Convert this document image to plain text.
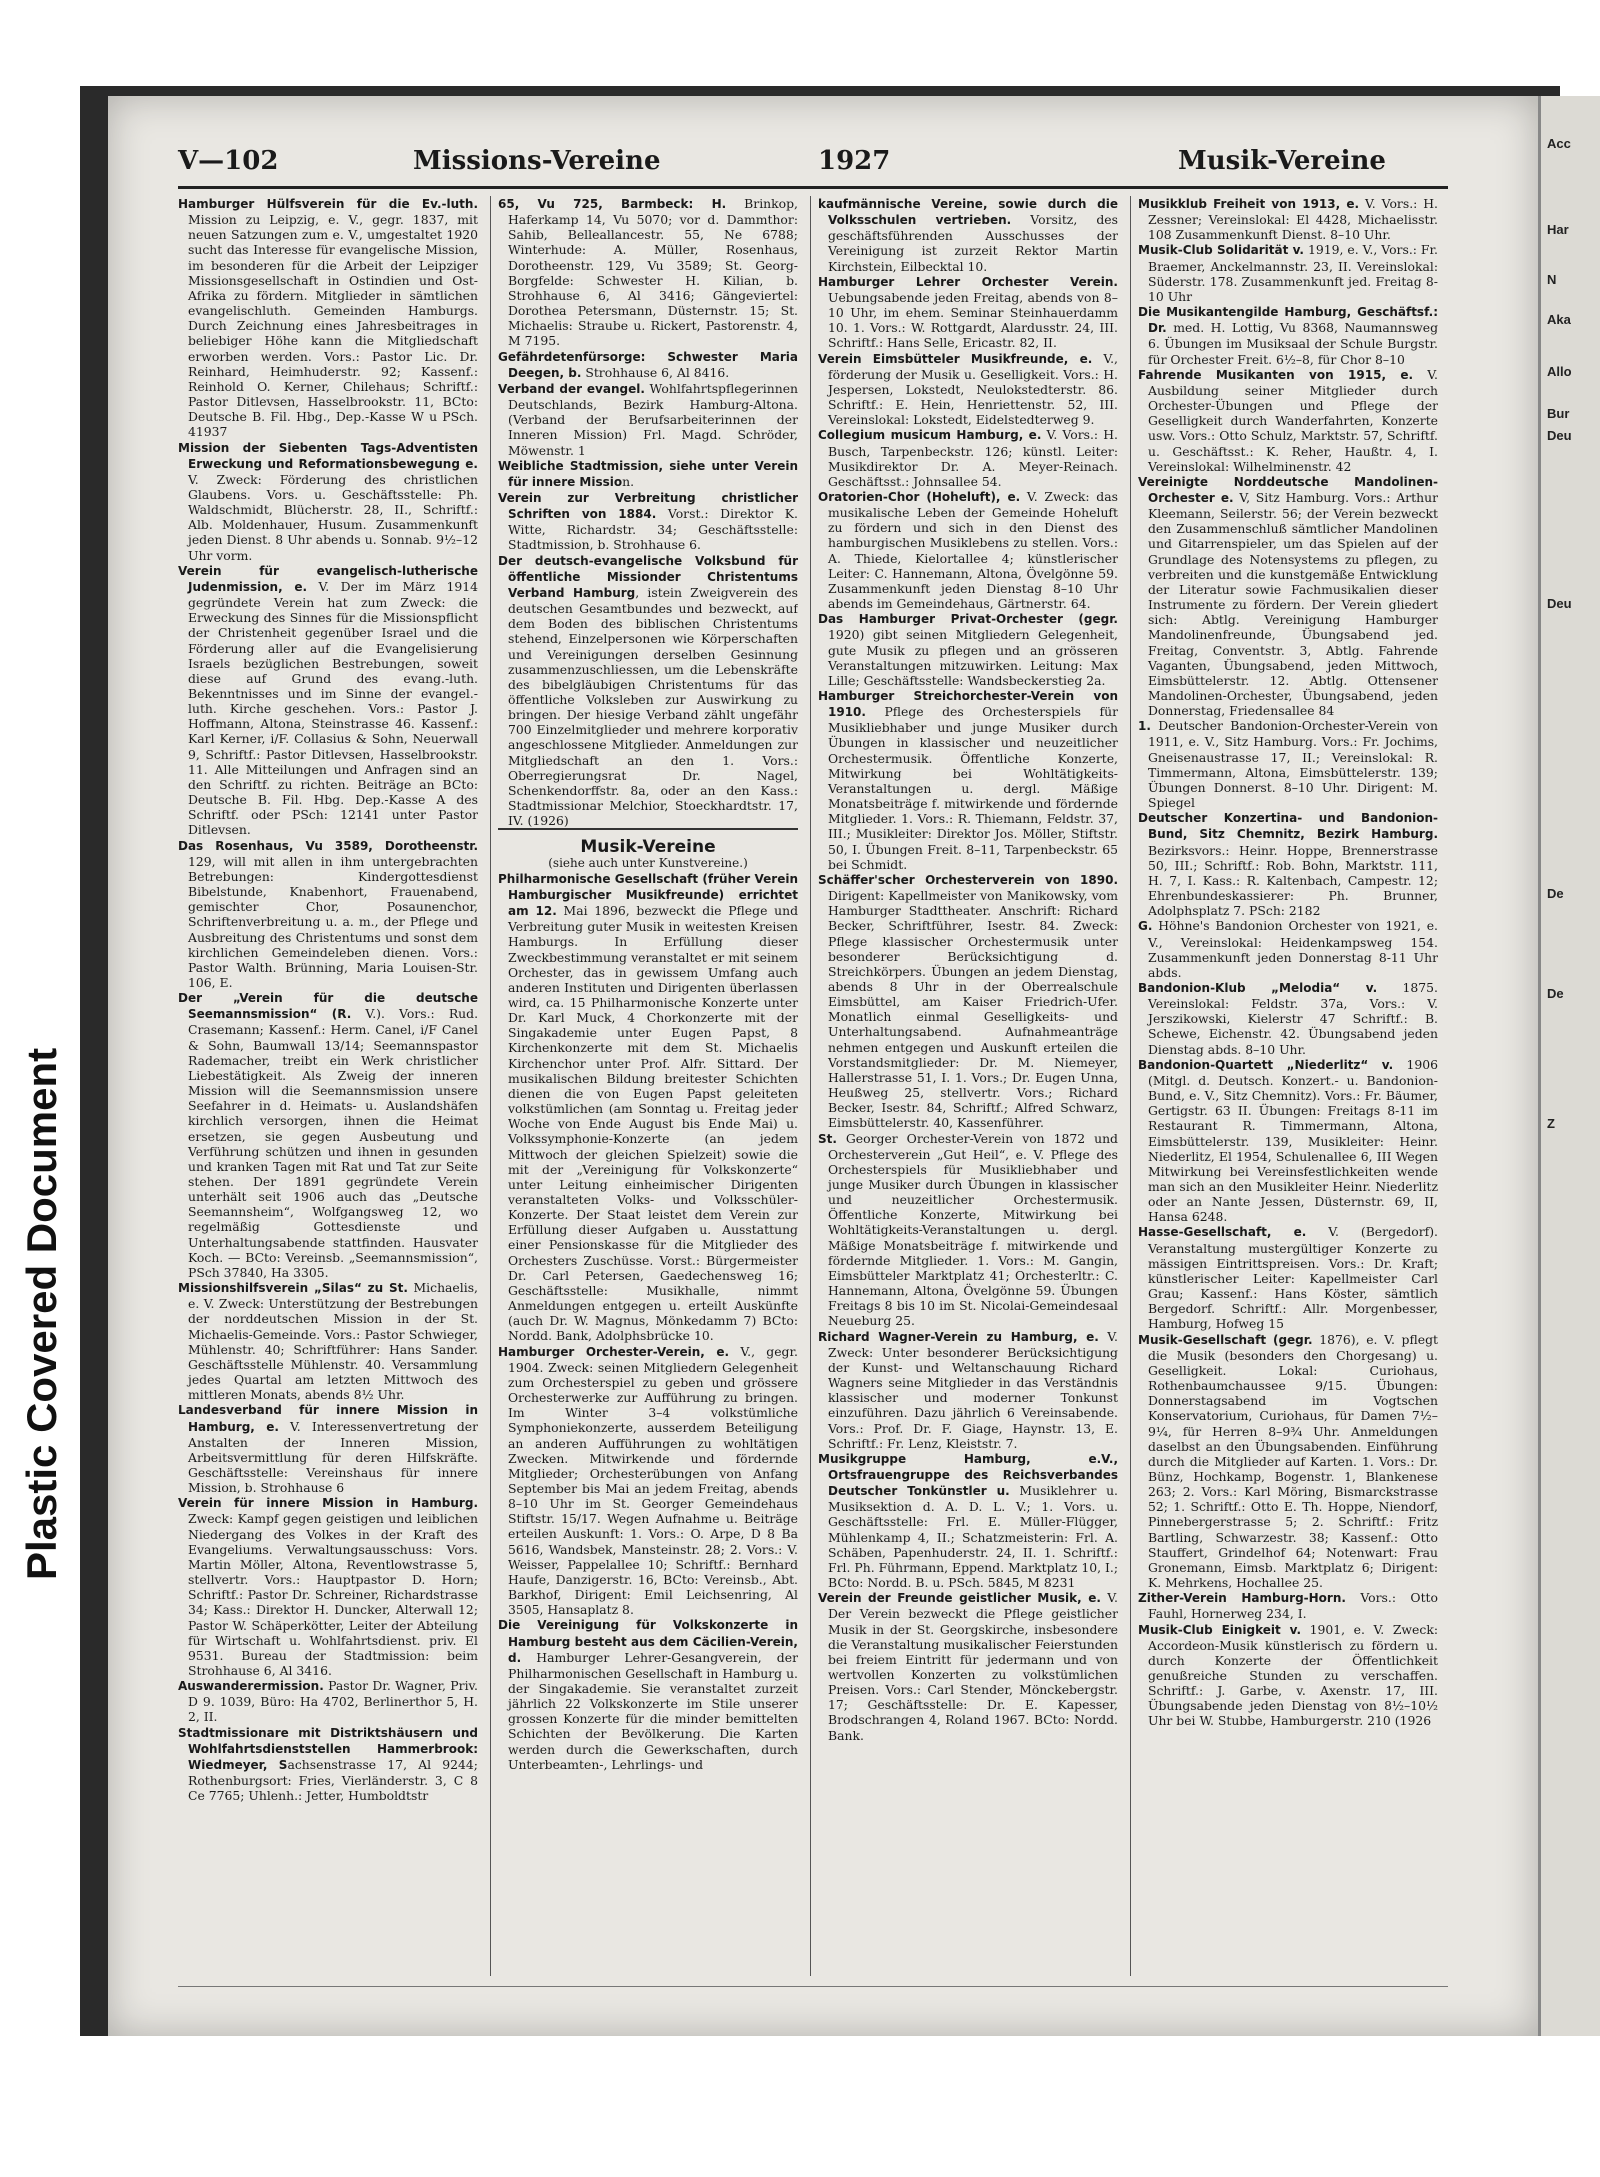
Plastic Covered Document
V—102	Missions-Vereine	1927	Musik-Vereine

Hamburger Hülfsverein für die Ev.-luth. Mission zu Leipzig, e. V., gegr. 1837, mit neuen Satzungen zum e. V., umgestaltet 1920 sucht das Interesse für evangelische Mission, im besonderen für die Arbeit der Leipziger Missionsgesellschaft in Ostindien und Ost-Afrika zu fördern. Mitglieder in sämtlichen evangelischluth. Gemeinden Hamburgs. Durch Zeichnung eines Jahresbeitrages in beliebiger Höhe kann die Mitgliedschaft erworben werden. Vors.: Pastor Lic. Dr. Reinhard, Heimhuderstr. 92; Kassenf.: Reinhold O. Kerner, Chilehaus; Schriftf.: Pastor Ditlevsen, Hasselbrookstr. 11, BCto: Deutsche B. Fil. Hbg., Dep.-Kasse W u PSch. 41937

Mission der Siebenten Tags-Adventisten Erweckung und Reformationsbewegung e. V. Zweck: Förderung des christlichen Glaubens. Vors. u. Geschäftsstelle: Ph. Waldschmidt, Blücherstr. 28, II., Schriftf.: Alb. Moldenhauer, Husum. Zusammenkunft jeden Dienst. 8 Uhr abends u. Sonnab. 9½–12 Uhr vorm.

Verein für evangelisch-lutherische Judenmission, e. V. Der im März 1914 gegründete Verein hat zum Zweck: die Erweckung des Sinnes für die Missionspflicht der Christenheit gegenüber Israel und die Förderung aller auf die Evangelisierung Israels bezüglichen Bestrebungen, soweit diese auf Grund des evang.-luth. Bekenntnisses und im Sinne der evangel.-luth. Kirche geschehen. Vors.: Pastor J. Hoffmann, Altona, Steinstrasse 46. Kassenf.: Karl Kerner, i/F. Collasius & Sohn, Neuerwall 9, Schriftf.: Pastor Ditlevsen, Hasselbrookstr. 11. Alle Mitteilungen und Anfragen sind an den Schriftf. zu richten. Beiträge an BCto: Deutsche B. Fil. Hbg. Dep.-Kasse A des Schriftf. oder PSch: 12141 unter Pastor Ditlevsen.

Das Rosenhaus, Vu 3589, Dorotheenstr. 129, will mit allen in ihm untergebrachten Betrebungen: Kindergottesdienst Bibelstunde, Knabenhort, Frauenabend, gemischter Chor, Posaunenchor, Schriftenverbreitung u. a. m., der Pflege und Ausbreitung des Christentums und sonst dem kirchlichen Gemeindeleben dienen. Vors.: Pastor Walth. Brünning, Maria Louisen-Str. 106, E.

Der „Verein für die deutsche Seemannsmission“ (R. V.). Vors.: Rud. Crasemann; Kassenf.: Herm. Canel, i/F Canel & Sohn, Baumwall 13/14; Seemannspastor Rademacher, treibt ein Werk christlicher Liebestätigkeit. Als Zweig der inneren Mission will die Seemannsmission unsere Seefahrer in d. Heimats- u. Auslandshäfen kirchlich versorgen, ihnen die Heimat ersetzen, sie gegen Ausbeutung und Verführung schützen und ihnen in gesunden und kranken Tagen mit Rat und Tat zur Seite stehen. Der 1891 gegründete Verein unterhält seit 1906 auch das „Deutsche Seemannsheim“, Wolfgangsweg 12, wo regelmäßig Gottesdienste und Unterhaltungsabende stattfinden. Hausvater Koch. — BCto: Vereinsb. „Seemannsmission“, PSch 37840, Ha 3305.

Missionshilfsverein „Silas“ zu St. Michaelis, e. V. Zweck: Unterstützung der Bestrebungen der norddeutschen Mission in der St. Michaelis-Gemeinde. Vors.: Pastor Schwieger, Mühlenstr. 40; Schriftführer: Hans Sander. Geschäftsstelle Mühlenstr. 40. Versammlung jedes Quartal am letzten Mittwoch des mittleren Monats, abends 8½ Uhr.

Landesverband für innere Mission in Hamburg, e. V. Interessenvertretung der Anstalten der Inneren Mission, Arbeitsvermittlung für deren Hilfskräfte. Geschäftsstelle: Vereinshaus für innere Mission, b. Strohhause 6

Verein für innere Mission in Hamburg. Zweck: Kampf gegen geistigen und leiblichen Niedergang des Volkes in der Kraft des Evangeliums. Verwaltungsausschuss: Vors. Martin Möller, Altona, Reventlowstrasse 5, stellvertr. Vors.: Hauptpastor D. Horn; Schriftf.: Pastor Dr. Schreiner, Richardstrasse 34; Kass.: Direktor H. Duncker, Alterwall 12; Pastor W. Schäperkötter, Leiter der Abteilung für Wirtschaft u. Wohlfahrtsdienst. priv. El 9531. Bureau der Stadtmission: beim Strohhause 6, Al 3416.

Auswanderermission. Pastor Dr. Wagner, Priv. D 9. 1039, Büro: Ha 4702, Berlinerthor 5, H. 2, II.

Stadtmissionare mit Distriktshäusern und Wohlfahrtsdienststellen Hammerbrook: Wiedmeyer, Sachsenstrasse 17, Al 9244; Rothenburgsort: Fries, Vierländerstr. 3, C 8 Ce 7765; Uhlenh.: Jetter, Humboldtstr

65, Vu 725, Barmbeck: H. Brinkop, Haferkamp 14, Vu 5070; vor d. Dammthor: Sahib, Belleallancestr. 55, Ne 6788; Winterhude: A. Müller, Rosenhaus, Dorotheenstr. 129, Vu 3589; St. Georg-Borgfelde: Schwester H. Kilian, b. Strohhause 6, Al 3416; Gängeviertel: Dorothea Petersmann, Düsternstr. 15; St. Michaelis: Straube u. Rickert, Pastorenstr. 4, M 7195.

Gefährdetenfürsorge: Schwester Maria Deegen, b. Strohhause 6, Al 8416.

Verband der evangel. Wohlfahrtspflegerinnen Deutschlands, Bezirk Hamburg-Altona. (Verband der Berufsarbeiterinnen der Inneren Mission) Frl. Magd. Schröder, Möwenstr. 1

Weibliche Stadtmission, siehe unter Verein für innere Mission.

Verein zur Verbreitung christlicher Schriften von 1884. Vorst.: Direktor K. Witte, Richardstr. 34; Geschäftsstelle: Stadtmission, b. Strohhause 6.

Der deutsch-evangelische Volksbund für öffentliche Missionder Christentums Verband Hamburg, istein Zweigverein des deutschen Gesamtbundes und bezweckt, auf dem Boden des biblischen Christentums stehend, Einzelpersonen wie Körperschaften und Vereinigungen derselben Gesinnung zusammenzuschliessen, um die Lebenskräfte des bibelgläubigen Christentums für das öffentliche Volksleben zur Auswirkung zu bringen. Der hiesige Verband zählt ungefähr 700 Einzelmitglieder und mehrere korporativ angeschlossene Mitglieder. Anmeldungen zur Mitgliedschaft an den 1. Vors.: Oberregierungsrat Dr. Nagel, Schenkendorffstr. 8a, oder an den Kass.: Stadtmissionar Melchior, Stoeckhardtstr. 17, IV. (1926)

Musik-Vereine

(siehe auch unter Kunstvereine.)

Philharmonische Gesellschaft (früher Verein Hamburgischer Musikfreunde) errichtet am 12. Mai 1896, bezweckt die Pflege und Verbreitung guter Musik in weitesten Kreisen Hamburgs. In Erfüllung dieser Zweckbestimmung veranstaltet er mit seinem Orchester, das in gewissem Umfang auch anderen Instituten und Dirigenten überlassen wird, ca. 15 Philharmonische Konzerte unter Dr. Karl Muck, 4 Chorkonzerte mit der Singakademie unter Eugen Papst, 8 Kirchenkonzerte mit dem St. Michaelis Kirchenchor unter Prof. Alfr. Sittard. Der musikalischen Bildung breitester Schichten dienen die von Eugen Papst geleiteten volkstümlichen (am Sonntag u. Freitag jeder Woche von Ende August bis Ende Mai) u. Volkssymphonie-Konzerte (an jedem Mittwoch der gleichen Spielzeit) sowie die mit der „Vereinigung für Volkskonzerte“ unter Leitung einheimischer Dirigenten veranstalteten Volks- und Volksschüler-Konzerte. Der Staat leistet dem Verein zur Erfüllung dieser Aufgaben u. Ausstattung einer Pensionskasse für die Mitglieder des Orchesters Zuschüsse. Vorst.: Bürgermeister Dr. Carl Petersen, Gaedechensweg 16; Geschäftsstelle: Musikhalle, nimmt Anmeldungen entgegen u. erteilt Auskünfte (auch Dr. W. Magnus, Mönkedamm 7) BCto: Nordd. Bank, Adolphsbrücke 10.

Hamburger Orchester-Verein, e. V., gegr. 1904. Zweck: seinen Mitgliedern Gelegenheit zum Orchesterspiel zu geben und grössere Orchesterwerke zur Aufführung zu bringen. Im Winter 3–4 volkstümliche Symphoniekonzerte, ausserdem Beteiligung an anderen Aufführungen zu wohltätigen Zwecken. Mitwirkende und fördernde Mitglieder; Orchesterübungen von Anfang September bis Mai an jedem Freitag, abends 8–10 Uhr im St. Georger Gemeindehaus Stiftstr. 15/17. Wegen Aufnahme u. Beiträge erteilen Auskunft: 1. Vors.: O. Arpe, D 8 Ba 5616, Wandsbek, Mansteinstr. 28; 2. Vors.: V. Weisser, Pappelallee 10; Schriftf.: Bernhard Haufe, Danzigerstr. 16, BCto: Vereinsb., Abt. Barkhof, Dirigent: Emil Leichsenring, Al 3505, Hansaplatz 8.

Die Vereinigung für Volkskonzerte in Hamburg besteht aus dem Cäcilien-Verein, d. Hamburger Lehrer-Gesangverein, der Philharmonischen Gesellschaft in Hamburg u. der Singakademie. Sie veranstaltet zurzeit jährlich 22 Volkskonzerte im Stile unserer grossen Konzerte für die minder bemittelten Schichten der Bevölkerung. Die Karten werden durch die Gewerkschaften, durch Unterbeamten-, Lehrlings- und

kaufmännische Vereine, sowie durch die Volksschulen vertrieben. Vorsitz, des geschäftsführenden Ausschusses der Vereinigung ist zurzeit Rektor Martin Kirchstein, Eilbecktal 10.

Hamburger Lehrer Orchester Verein. Uebungsabende jeden Freitag, abends von 8–10 Uhr, im ehem. Seminar Steinhauerdamm 10. 1. Vors.: W. Rottgardt, Alardusstr. 24, III. Schriftf.: Hans Selle, Ericastr. 82, II.

Verein Eimsbütteler Musikfreunde, e. V., förderung der Musik u. Geselligkeit. Vors.: H. Jespersen, Lokstedt, Neulokstedterstr. 86. Schriftf.: E. Hein, Henriettenstr. 52, III. Vereinslokal: Lokstedt, Eidelstedterweg 9.

Collegium musicum Hamburg, e. V. Vors.: H. Busch, Tarpenbeckstr. 126; künstl. Leiter: Musikdirektor Dr. A. Meyer-Reinach. Geschäftsst.: Johnsallee 54.

Oratorien-Chor (Hoheluft), e. V. Zweck: das musikalische Leben der Gemeinde Hoheluft zu fördern und sich in den Dienst des hamburgischen Musiklebens zu stellen. Vors.: A. Thiede, Kielortallee 4; künstlerischer Leiter: C. Hannemann, Altona, Övelgönne 59. Zusammenkunft jeden Dienstag 8–10 Uhr abends im Gemeindehaus, Gärtnerstr. 64.

Das Hamburger Privat-Orchester (gegr. 1920) gibt seinen Mitgliedern Gelegenheit, gute Musik zu pflegen und an grösseren Veranstaltungen mitzuwirken. Leitung: Max Lille; Geschäftsstelle: Wandsbeckerstieg 2a.

Hamburger Streichorchester-Verein von 1910. Pflege des Orchesterspiels für Musikliebhaber und junge Musiker durch Übungen in klassischer und neuzeitlicher Orchestermusik. Öffentliche Konzerte, Mitwirkung bei Wohltätigkeits-Veranstaltungen u. dergl. Mäßige Monatsbeiträge f. mitwirkende und fördernde Mitglieder. 1. Vors.: R. Thiemann, Feldstr. 37, III.; Musikleiter: Direktor Jos. Möller, Stiftstr. 50, I. Übungen Freit. 8–11, Tarpenbeckstr. 65 bei Schmidt.

Schäffer'scher Orchesterverein von 1890. Dirigent: Kapellmeister von Manikowsky, vom Hamburger Stadttheater. Anschrift: Richard Becker, Schriftführer, Isestr. 84. Zweck: Pflege klassischer Orchestermusik unter besonderer Berücksichtigung d. Streichkörpers. Übungen an jedem Dienstag, abends 8 Uhr in der Oberrealschule Eimsbüttel, am Kaiser Friedrich-Ufer. Monatlich einmal Geselligkeits- und Unterhaltungsabend. Aufnahmeanträge nehmen entgegen und Auskunft erteilen die Vorstandsmitglieder: Dr. M. Niemeyer, Hallerstrasse 51, I. 1. Vors.; Dr. Eugen Unna, Heußweg 25, stellvertr. Vors.; Richard Becker, Isestr. 84, Schriftf.; Alfred Schwarz, Eimsbüttelerstr. 40, Kassenführer.

St. Georger Orchester-Verein von 1872 und Orchesterverein „Gut Heil“, e. V. Pflege des Orchesterspiels für Musikliebhaber und junge Musiker durch Übungen in klassischer und neuzeitlicher Orchestermusik. Öffentliche Konzerte, Mitwirkung bei Wohltätigkeits-Veranstaltungen u. dergl. Mäßige Monatsbeiträge f. mitwirkende und fördernde Mitglieder. 1. Vors.: M. Gangin, Eimsbütteler Marktplatz 41; Orchesterltr.: C. Hannemann, Altona, Övelgönne 59. Übungen Freitags 8 bis 10 im St. Nicolai-Gemeindesaal Neueburg 25.

Richard Wagner-Verein zu Hamburg, e. V. Zweck: Unter besonderer Berücksichtigung der Kunst- und Weltanschauung Richard Wagners seine Mitglieder in das Verständnis klassischer und moderner Tonkunst einzuführen. Dazu jährlich 6 Vereinsabende. Vors.: Prof. Dr. F. Giage, Haynstr. 13, E. Schriftf.: Fr. Lenz, Kleiststr. 7.

Musikgruppe Hamburg, e.V., Ortsfrauengruppe des Reichsverbandes Deutscher Tonkünstler u. Musiklehrer u. Musiksektion d. A. D. L. V.; 1. Vors. u. Geschäftsstelle: Frl. E. Müller-Flügger, Mühlenkamp 4, II.; Schatzmeisterin: Frl. A. Schäben, Papenhuderstr. 24, II. 1. Schriftf.: Frl. Ph. Führmann, Eppend. Marktplatz 10, I.; BCto: Nordd. B. u. PSch. 5845, M 8231

Verein der Freunde geistlicher Musik, e. V. Der Verein bezweckt die Pflege geistlicher Musik in der St. Georgskirche, insbesondere die Veranstaltung musikalischer Feierstunden bei freiem Eintritt für jedermann und von wertvollen Konzerten zu volkstümlichen Preisen. Vors.: Carl Stender, Mönckebergstr. 17; Geschäftsstelle: Dr. E. Kapesser, Brodschrangen 4, Roland 1967. BCto: Nordd. Bank.

Musikklub Freiheit von 1913, e. V. Vors.: H. Zessner; Vereinslokal: El 4428, Michaelisstr. 108 Zusammenkunft Dienst. 8–10 Uhr.

Musik-Club Solidarität v. 1919, e. V., Vors.: Fr. Braemer, Anckelmannstr. 23, II. Vereinslokal: Süderstr. 178. Zusammenkunft jed. Freitag 8-10 Uhr

Die Musikantengilde Hamburg, Geschäftsf.: Dr. med. H. Lottig, Vu 8368, Naumannsweg 6. Übungen im Musiksaal der Schule Burgstr. für Orchester Freit. 6½–8, für Chor 8–10

Fahrende Musikanten von 1915, e. V. Ausbildung seiner Mitglieder durch Orchester-Übungen und Pflege der Geselligkeit durch Wanderfahrten, Konzerte usw. Vors.: Otto Schulz, Marktstr. 57, Schriftf. u. Geschäftsst.: K. Reher, Haußtr. 4, I. Vereinslokal: Wilhelminenstr. 42

Vereinigte Norddeutsche Mandolinen-Orchester e. V, Sitz Hamburg. Vors.: Arthur Kleemann, Seilerstr. 56; der Verein bezweckt den Zusammenschluß sämtlicher Mandolinen und Gitarrenspieler, um das Spielen auf der Grundlage des Notensystems zu pflegen, zu verbreiten und die kunstgemäße Entwicklung der Literatur sowie Fachmusikalien dieser Instrumente zu fördern. Der Verein gliedert sich: Abtlg. Vereinigung Hamburger Mandolinenfreunde, Übungsabend jed. Freitag, Conventstr. 3, Abtlg. Fahrende Vaganten, Übungsabend, jeden Mittwoch, Eimsbüttelerstr. 12. Abtlg. Ottensener Mandolinen-Orchester, Übungsabend, jeden Donnerstag, Friedensallee 84

1. Deutscher Bandonion-Orchester-Verein von 1911, e. V., Sitz Hamburg. Vors.: Fr. Jochims, Gneisenaustrasse 17, II.; Vereinslokal: R. Timmermann, Altona, Eimsbüttelerstr. 139; Übungen Donnerst. 8–10 Uhr. Dirigent: M. Spiegel

Deutscher Konzertina- und Bandonion-Bund, Sitz Chemnitz, Bezirk Hamburg. Bezirksvors.: Heinr. Hoppe, Brennerstrasse 50, III.; Schriftf.: Rob. Bohn, Marktstr. 111, H. 7, I. Kass.: R. Kaltenbach, Campestr. 12; Ehrenbundeskassierer: Ph. Brunner, Adolphsplatz 7. PSch: 2182

G. Höhne's Bandonion Orchester von 1921, e. V., Vereinslokal: Heidenkampsweg 154. Zusammenkunft jeden Donnerstag 8-11 Uhr abds.

Bandonion-Klub „Melodia“ v. 1875. Vereinslokal: Feldstr. 37a, Vors.: V. Jerszikowski, Kielerstr 47 Schriftf.: B. Schewe, Eichenstr. 42. Übungsabend jeden Dienstag abds. 8–10 Uhr.

Bandonion-Quartett „Niederlitz“ v. 1906 (Mitgl. d. Deutsch. Konzert.- u. Bandonion-Bund, e. V., Sitz Chemnitz). Vors.: Fr. Bäumer, Gertigstr. 63 II. Übungen: Freitags 8-11 im Restaurant R. Timmermann, Altona, Eimsbüttelerstr. 139, Musikleiter: Heinr. Niederlitz, El 1954, Schulenallee 6, III Wegen Mitwirkung bei Vereinsfestlichkeiten wende man sich an den Musikleiter Heinr. Niederlitz oder an Nante Jessen, Düsternstr. 69, II, Hansa 6248.

Hasse-Gesellschaft, e. V. (Bergedorf). Veranstaltung mustergültiger Konzerte zu mässigen Eintrittspreisen. Vors.: Dr. Kraft; künstlerischer Leiter: Kapellmeister Carl Grau; Kassenf.: Hans Köster, sämtlich Bergedorf. Schriftf.: Allr. Morgenbesser, Hamburg, Hofweg 15

Musik-Gesellschaft (gegr. 1876), e. V. pflegt die Musik (besonders den Chorgesang) u. Geselligkeit. Lokal: Curiohaus, Rothenbaumchaussee 9/15. Übungen: Donnerstagsabend im Vogtschen Konservatorium, Curiohaus, für Damen 7½–9¼, für Herren 8–9¾ Uhr. Anmeldungen daselbst an den Übungsabenden. Einführung durch die Mitglieder auf Karten. 1. Vors.: Dr. Bünz, Hochkamp, Bogenstr. 1, Blankenese 263; 2. Vors.: Karl Möring, Bismarckstrasse 52; 1. Schriftf.: Otto E. Th. Hoppe, Niendorf, Pinnebergerstrasse 5; 2. Schriftf.: Fritz Bartling, Schwarzestr. 38; Kassenf.: Otto Stauffert, Grindelhof 64; Notenwart: Frau Gronemann, Eimsb. Marktplatz 6; Dirigent: K. Mehrkens, Hochallee 25.

Zither-Verein Hamburg-Horn. Vors.: Otto Fauhl, Hornerweg 234, I.

Musik-Club Einigkeit v. 1901, e. V. Zweck: Accordeon-Musik künstlerisch zu fördern u. durch Konzerte der Öffentlichkeit genußreiche Stunden zu verschaffen. Schriftf.: J. Garbe, v. Axenstr. 17, III. Übungsabende jeden Dienstag von 8½–10½ Uhr bei W. Stubbe, Hamburgerstr. 210 (1926

Acc
Har
N
Aka
Allo
Bur
Deu
Deu
De
De
Z
